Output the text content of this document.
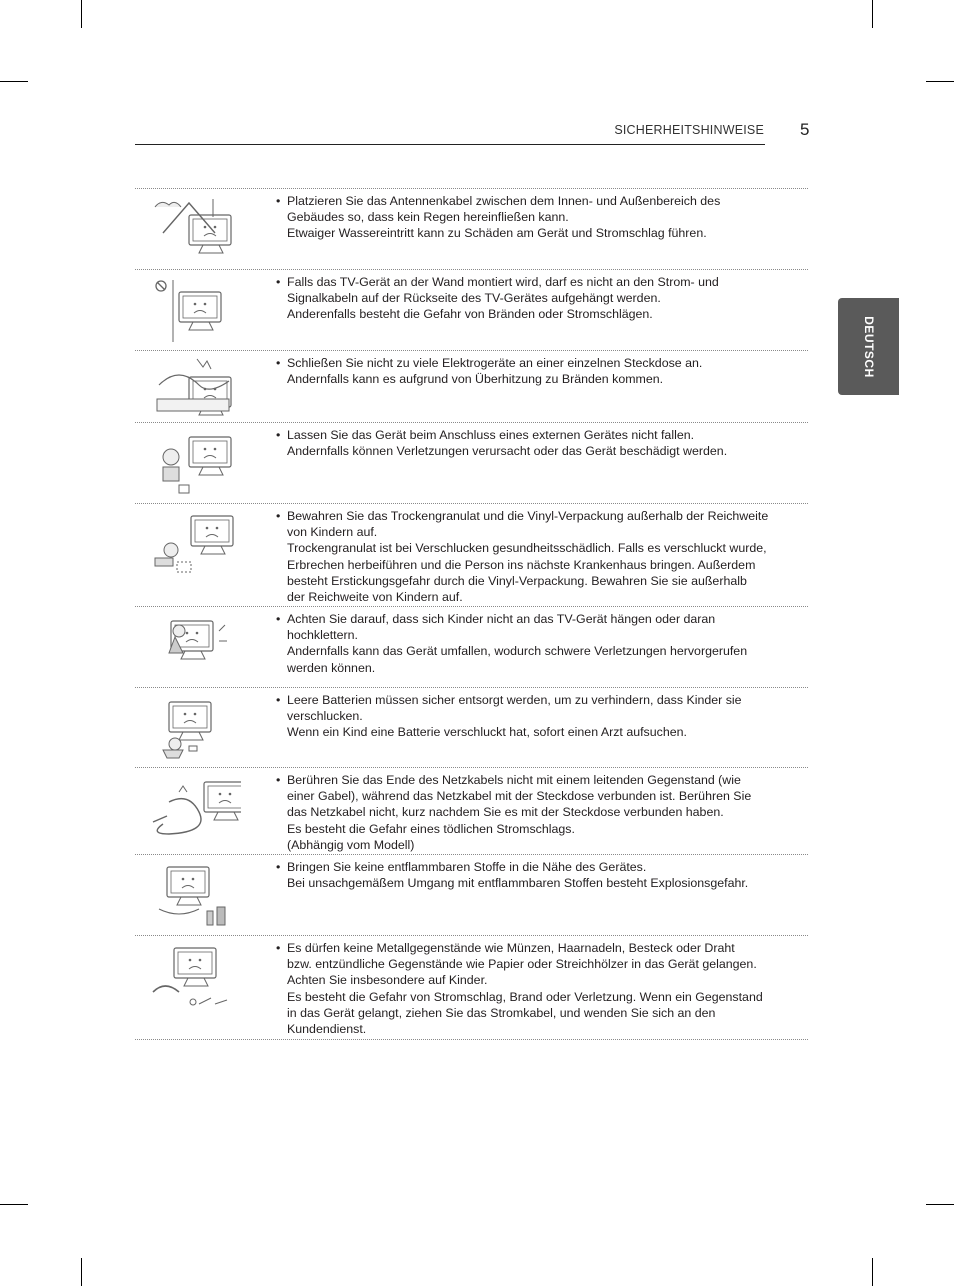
SICHERHEITSHINWEISE 5
DEUTSCH
• Platzieren Sie das Antennenkabel zwischen dem Innen- und Außenbereich des
Gebäudes so, dass kein Regen hereinfließen kann.
Etwaiger Wassereintritt kann zu Schäden am Gerät und Stromschlag führen.
• Falls das TV-Gerät an der Wand montiert wird, darf es nicht an den Strom- und
Signalkabeln auf der Rückseite des TV-Gerätes aufgehängt werden.
Anderenfalls besteht die Gefahr von Bränden oder Stromschlägen.
• Schließen Sie nicht zu viele Elektrogeräte an einer einzelnen Steckdose an.
Andernfalls kann es aufgrund von Überhitzung zu Bränden kommen.
• Lassen Sie das Gerät beim Anschluss eines externen Gerätes nicht fallen.
Andernfalls können Verletzungen verursacht oder das Gerät beschädigt werden.
• Bewahren Sie das Trockengranulat und die Vinyl-Verpackung außerhalb der Reichweite
von Kindern auf.
Trockengranulat ist bei Verschlucken gesundheitsschädlich. Falls es verschluckt wurde,
Erbrechen herbeiführen und die Person ins nächste Krankenhaus bringen. Außerdem
besteht Erstickungsgefahr durch die Vinyl-Verpackung. Bewahren Sie sie außerhalb
der Reichweite von Kindern auf.
• Achten Sie darauf, dass sich Kinder nicht an das TV-Gerät hängen oder daran
hochklettern.
Andernfalls kann das Gerät umfallen, wodurch schwere Verletzungen hervorgerufen
werden können.
• Leere Batterien müssen sicher entsorgt werden, um zu verhindern, dass Kinder sie
verschlucken.
Wenn ein Kind eine Batterie verschluckt hat, sofort einen Arzt aufsuchen.
• Berühren Sie das Ende des Netzkabels nicht mit einem leitenden Gegenstand (wie
einer Gabel), während das Netzkabel mit der Steckdose verbunden ist. Berühren Sie
das Netzkabel nicht, kurz nachdem Sie es mit der Steckdose verbunden haben.
Es besteht die Gefahr eines tödlichen Stromschlags.
(Abhängig vom Modell)
• Bringen Sie keine entflammbaren Stoffe in die Nähe des Gerätes.
Bei unsachgemäßem Umgang mit entflammbaren Stoffen besteht Explosionsgefahr.
• Es dürfen keine Metallgegenstände wie Münzen, Haarnadeln, Besteck oder Draht
bzw. entzündliche Gegenstände wie Papier oder Streichhölzer in das Gerät gelangen.
Achten Sie insbesondere auf Kinder.
Es besteht die Gefahr von Stromschlag, Brand oder Verletzung. Wenn ein Gegenstand
in das Gerät gelangt, ziehen Sie das Stromkabel, und wenden Sie sich an den
Kundendienst.
